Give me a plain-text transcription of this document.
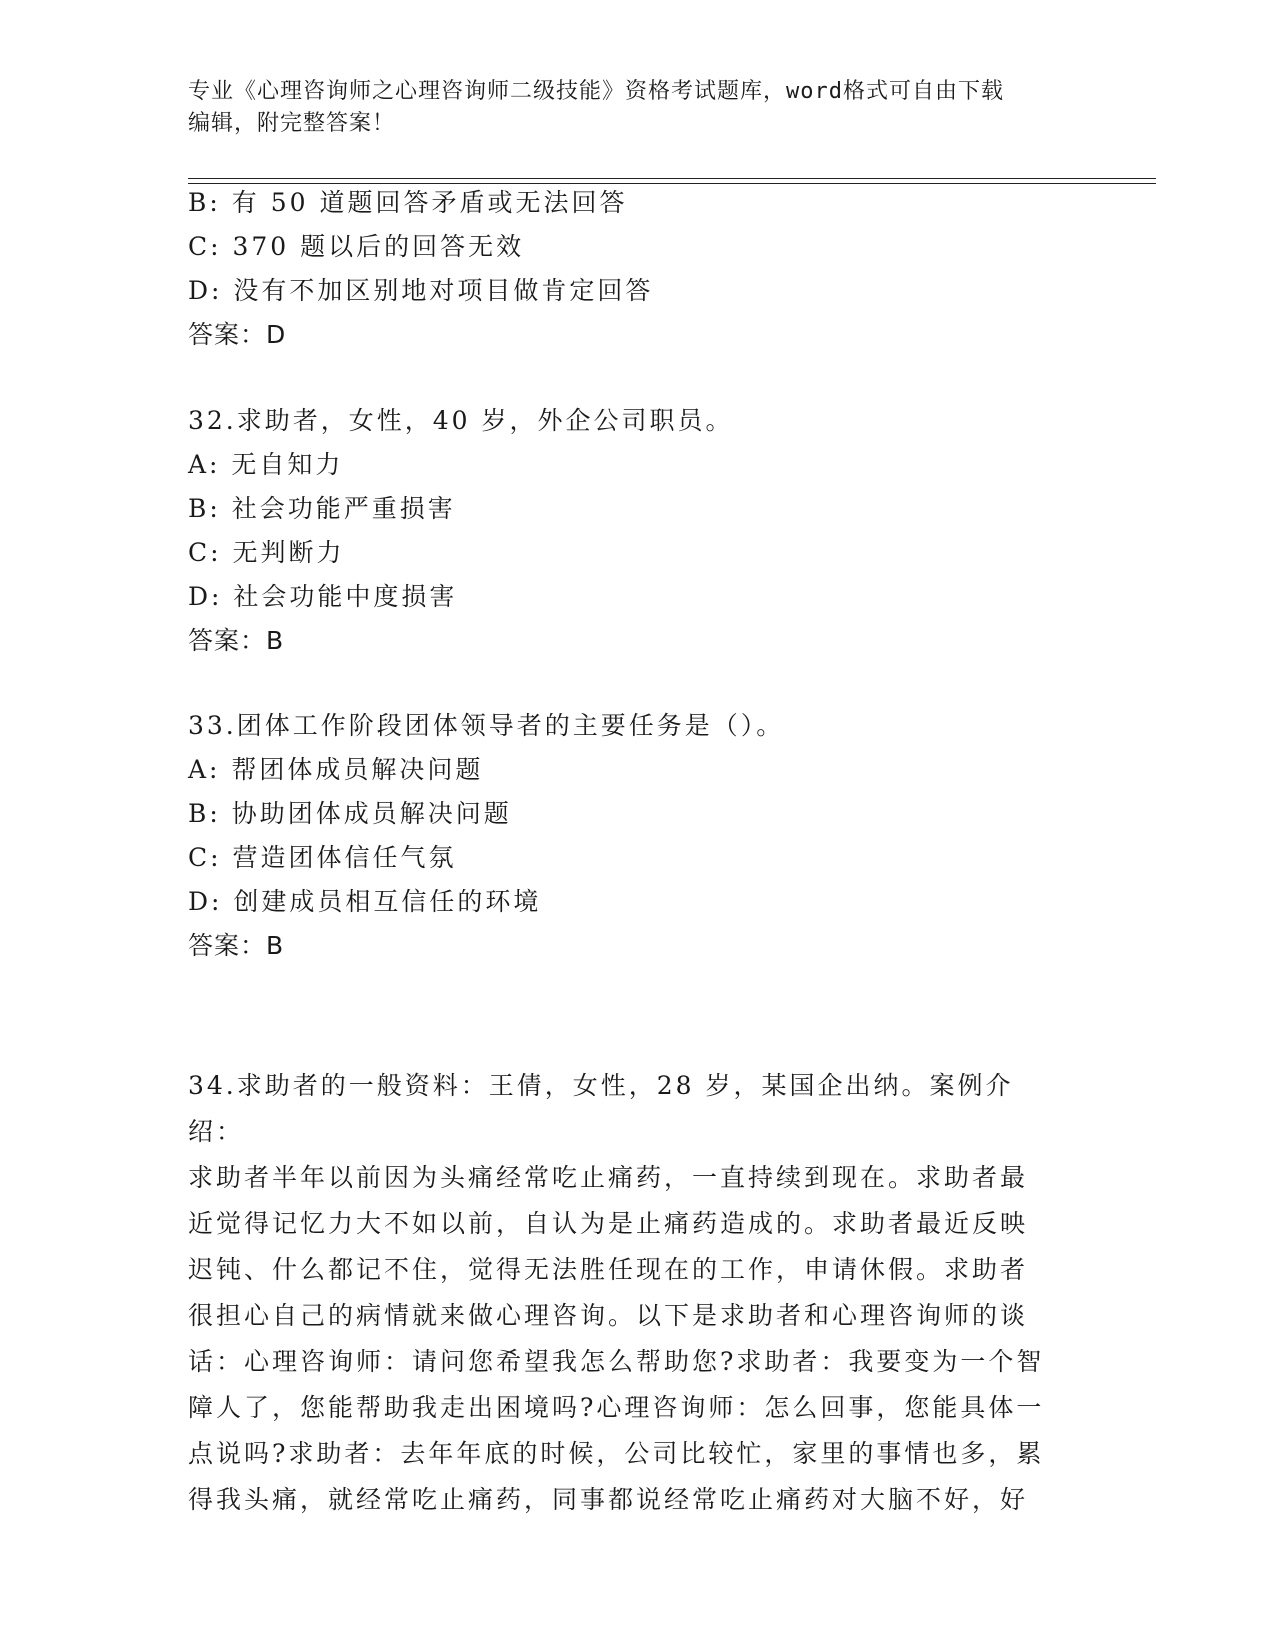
专业《心理咨询师之心理咨询师二级技能》资格考试题库，word格式可自由下载
编辑，附完整答案！
B: 有 50 道题回答矛盾或无法回答
C: 370 题以后的回答无效
D: 没有不加区别地对项目做肯定回答
答案：D
32.求助者，女性，40 岁，外企公司职员。
A: 无自知力
B: 社会功能严重损害
C: 无判断力
D: 社会功能中度损害
答案：B
33.团体工作阶段团体领导者的主要任务是（）。
A: 帮团体成员解决问题
B: 协助团体成员解决问题
C: 营造团体信任气氛
D: 创建成员相互信任的环境
答案：B
34.求助者的一般资料：王倩，女性，28 岁，某国企出纳。案例介绍：
求助者半年以前因为头痛经常吃止痛药，一直持续到现在。求助者最
近觉得记忆力大不如以前，自认为是止痛药造成的。求助者最近反映
迟钝、什么都记不住，觉得无法胜任现在的工作，申请休假。求助者
很担心自己的病情就来做心理咨询。以下是求助者和心理咨询师的谈
话：心理咨询师：请问您希望我怎么帮助您?求助者：我要变为一个智
障人了，您能帮助我走出困境吗?心理咨询师：怎么回事，您能具体一
点说吗?求助者：去年年底的时候，公司比较忙，家里的事情也多，累
得我头痛，就经常吃止痛药，同事都说经常吃止痛药对大脑不好，好
